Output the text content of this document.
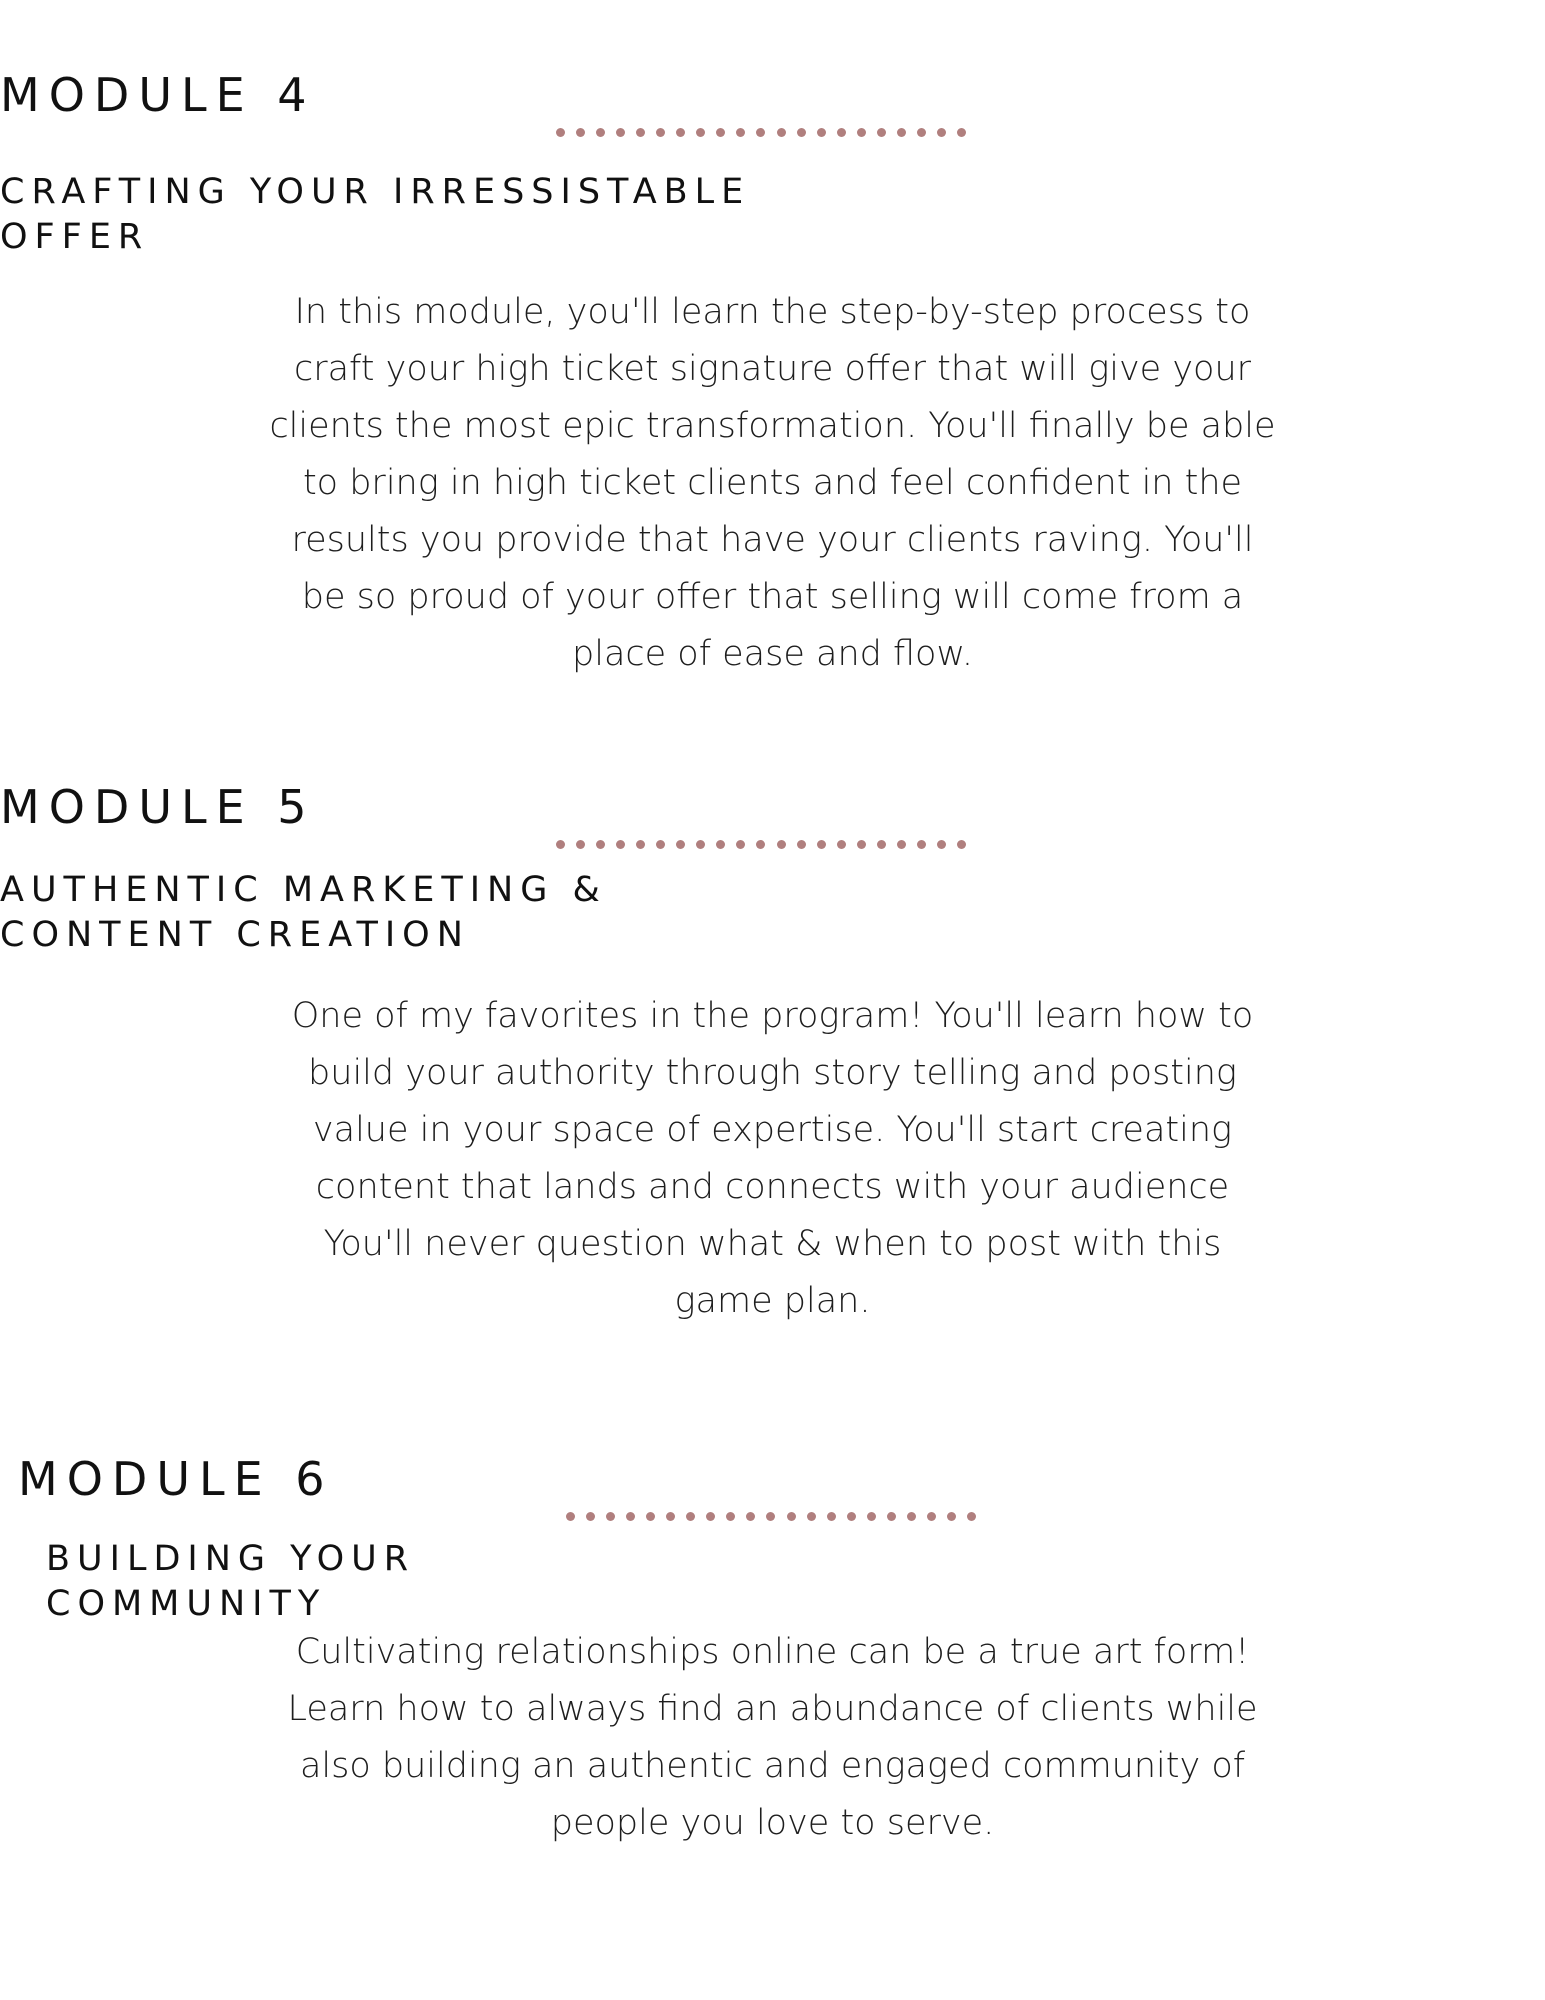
MODULE 4
CRAFTING YOUR IRRESSISTABLE
OFFER

In this module, you'll learn the step-by-step process to
craft your high ticket signature offer that will give your
clients the most epic transformation. You'll finally be able
to bring in high ticket clients and feel confident in the
results you provide that have your clients raving. You'll
be so proud of your offer that selling will come from a
place of ease and flow.

MODULE 5
AUTHENTIC MARKETING &
CONTENT CREATION

One of my favorites in the program! You'll learn how to
build your authority through story telling and posting
value in your space of expertise. You'll start creating
content that lands and connects with your audience
You'll never question what & when to post with this
game plan.

MODULE 6
BUILDING YOUR
COMMUNITY

Cultivating relationships online can be a true art form!
Learn how to always find an abundance of clients while
also building an authentic and engaged community of
people you love to serve.
